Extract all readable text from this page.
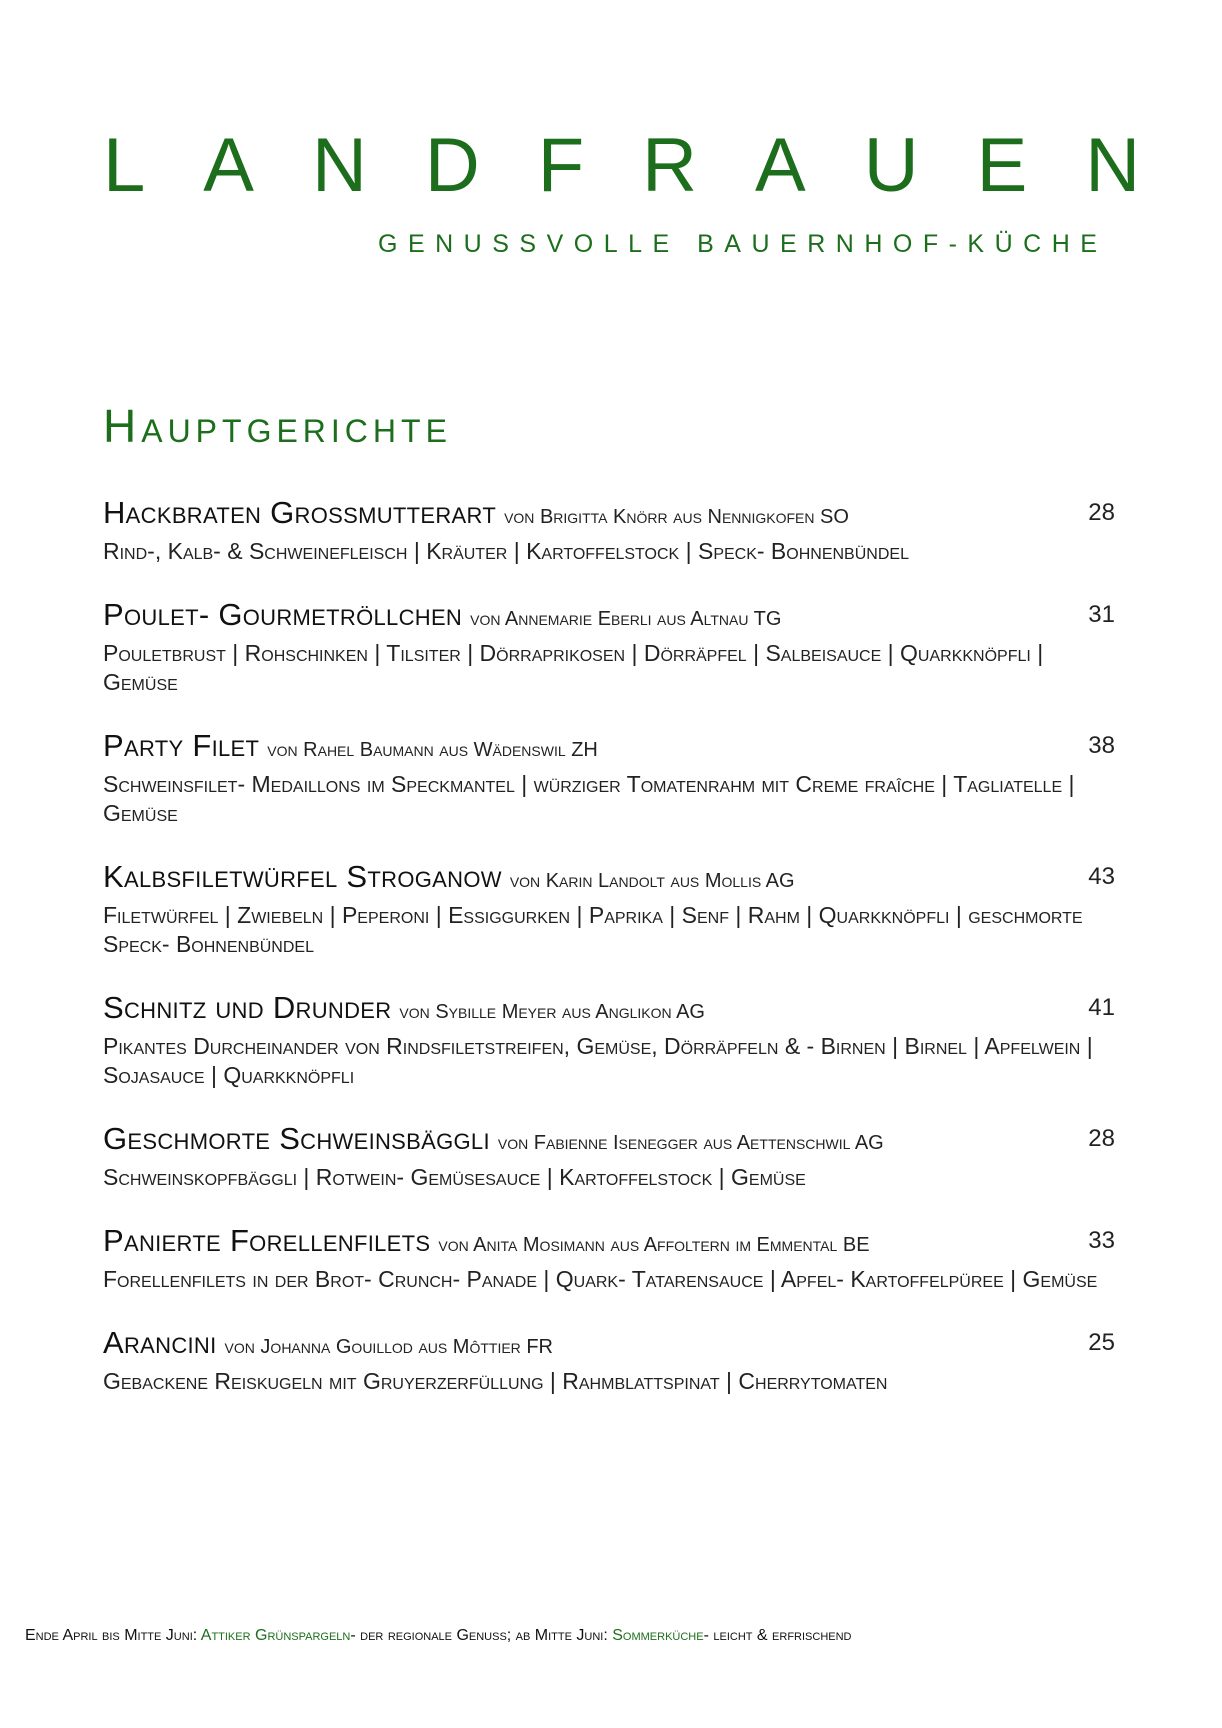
LANDFRAUEN
GENUSSVOLLE BAUERNHOF-KÜCHE
Hauptgerichte
Hackbraten Grossmutterart von Brigitta Knörr aus Nennigkofen SO	28
Rind-, Kalb- & Schweinefleisch | Kräuter | Kartoffelstock | Speck- Bohnenbündel
Poulet- Gourmetröllchen von Annemarie Eberli aus Altnau TG	31
Pouletbrust | Rohschinken | Tilsiter | Dörraprikosen | Dörräpfel | Salbeisauce | Quarkknöpfli | Gemüse
Party Filet von Rahel Baumann aus Wädenswil ZH	38
Schweinsfilet- Medaillons im Speckmantel | würziger Tomatenrahm mit Creme fraîche | Tagliatelle | Gemüse
Kalbsfiletwürfel Stroganow von Karin Landolt aus Mollis AG	43
Filetwürfel | Zwiebeln | Peperoni | Essiggurken | Paprika | Senf | Rahm | Quarkknöpfli | geschmorte Speck- Bohnenbündel
Schnitz und Drunder von Sybille Meyer aus Anglikon AG	41
Pikantes Durcheinander von Rindsfiletstreifen, Gemüse, Dörräpfeln & - Birnen | Birnel | Apfelwein | Sojasauce | Quarkknöpfli
Geschmorte Schweinsbäggli von Fabienne Isenegger aus Aettenschwil AG	28
Schweinskopfbäggli | Rotwein- Gemüsesauce | Kartoffelstock | Gemüse
Panierte Forellenfilets von Anita Mosimann aus Affoltern im Emmental BE	33
Forellenfilets in der Brot- Crunch- Panade | Quark- Tatarensauce | Apfel- Kartoffelpüree | Gemüse
Arancini von Johanna Gouillod aus Môttier FR	25
Gebackene Reiskugeln mit Gruyerzerfüllung | Rahmblattspinat | Cherrytomaten

Ende April bis Mitte Juni: Attiker Grünspargeln- der regionale Genuss; ab Mitte Juni: Sommerküche- leicht & erfrischend
